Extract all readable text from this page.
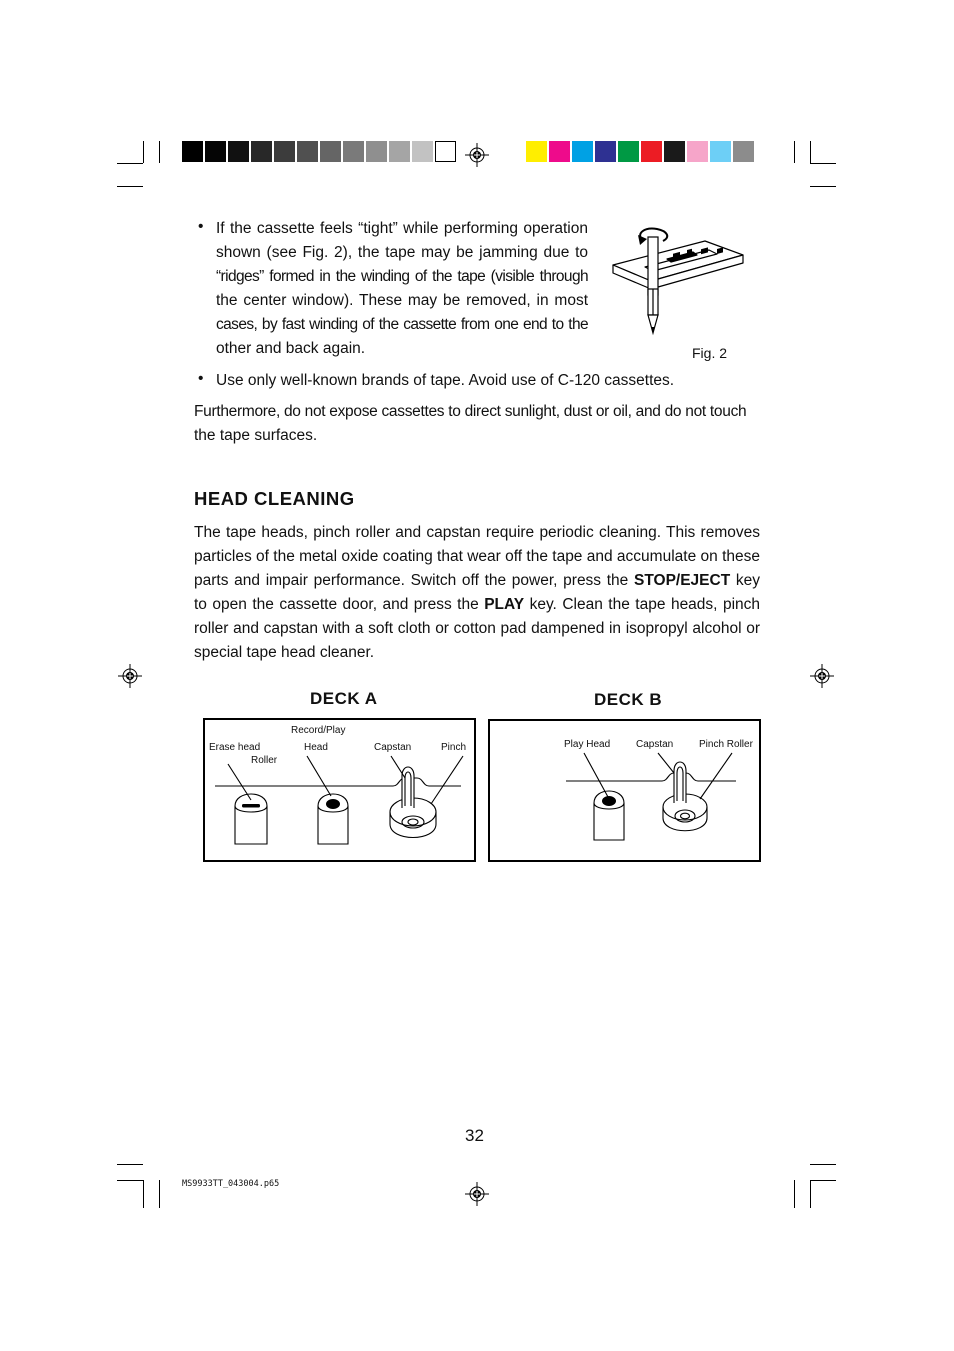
• If the cassette feels “tight” while performing operation
shown (see Fig. 2), the tape may be jamming due to
“ridges” formed in the winding of the tape (visible through
the center window). These may be removed, in most
cases, by fast winding of the cassette from one end to the
other and back again.	Fig. 2
• Use only well-known brands of tape. Avoid use of C-120 cassettes.
Furthermore, do not expose cassettes to direct sunlight, dust or oil, and do not touch
the tape surfaces.
HEAD CLEANING
The tape heads, pinch roller and capstan require periodic cleaning. This removes
particles of the metal oxide coating that wear off the tape and accumulate on these
parts and impair performance. Switch off the power, press the STOP/EJECT key
to open the cassette door, and press the PLAY key. Clean the tape heads, pinch
roller and capstan with a soft cloth or cotton pad dampened in isopropyl alcohol or
special tape head cleaner.
DECK A	DECK B
Record/Play
Erase head
Roller
Head	Capstan	Pinch	Play Head	Capstan	Pinch Roller
32
MS9933TT_043004.p65
